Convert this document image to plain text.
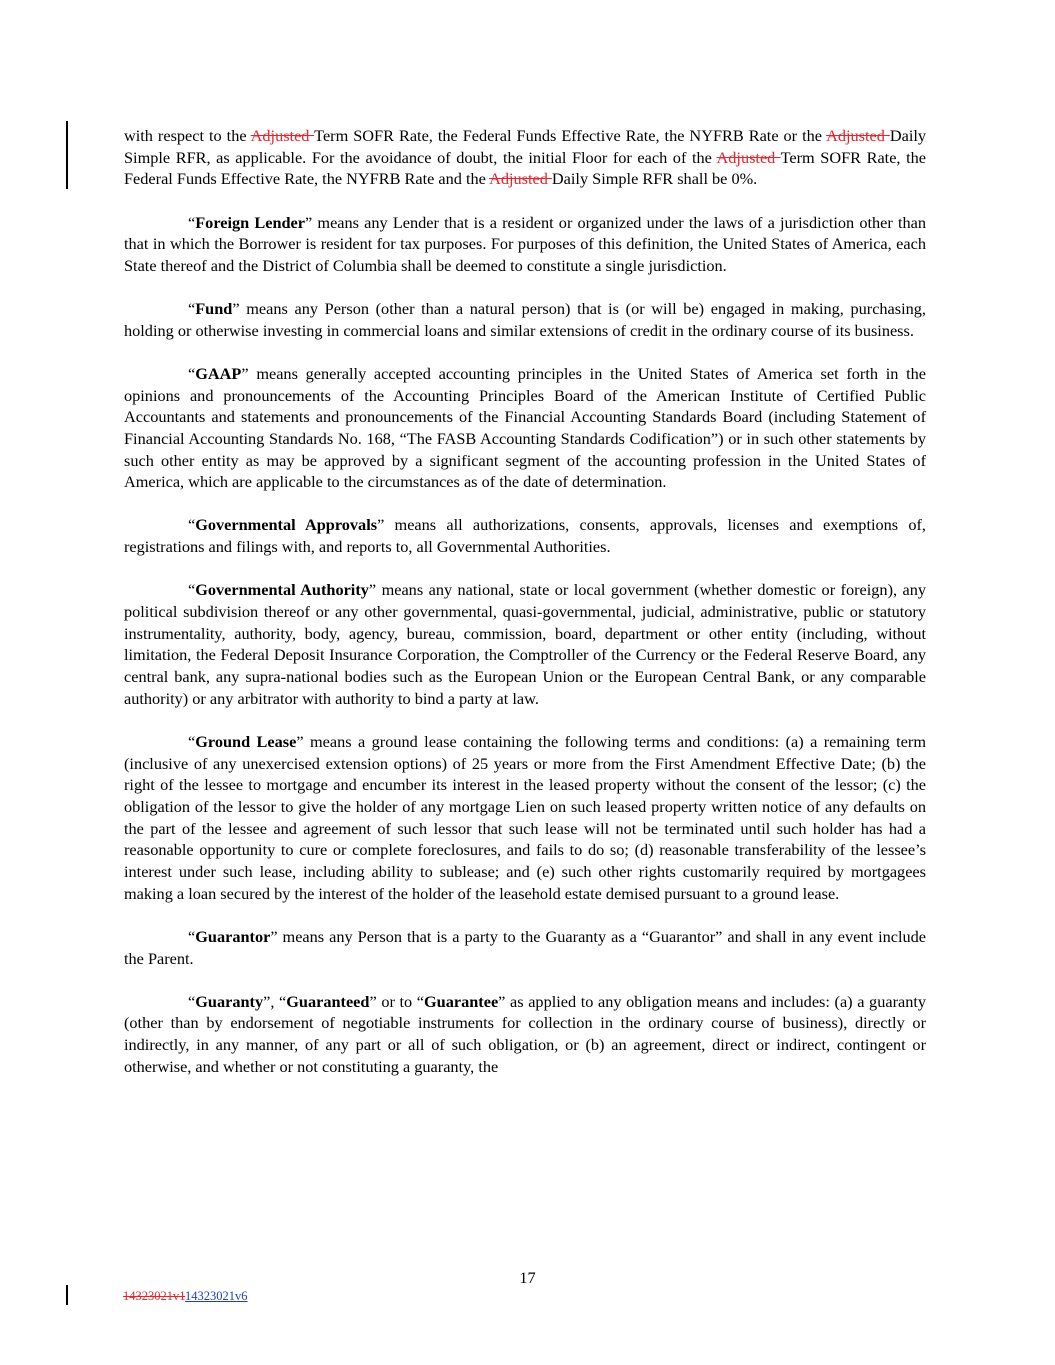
with respect to the Adjusted Term SOFR Rate, the Federal Funds Effective Rate, the NYFRB Rate or the Adjusted Daily Simple RFR, as applicable. For the avoidance of doubt, the initial Floor for each of the Adjusted Term SOFR Rate, the Federal Funds Effective Rate, the NYFRB Rate and the Adjusted Daily Simple RFR shall be 0%.

“Foreign Lender” means any Lender that is a resident or organized under the laws of a jurisdiction other than that in which the Borrower is resident for tax purposes. For purposes of this definition, the United States of America, each State thereof and the District of Columbia shall be deemed to constitute a single jurisdiction.

“Fund” means any Person (other than a natural person) that is (or will be) engaged in making, purchasing, holding or otherwise investing in commercial loans and similar extensions of credit in the ordinary course of its business.

“GAAP” means generally accepted accounting principles in the United States of America set forth in the opinions and pronouncements of the Accounting Principles Board of the American Institute of Certified Public Accountants and statements and pronouncements of the Financial Accounting Standards Board (including Statement of Financial Accounting Standards No. 168, “The FASB Accounting Standards Codification”) or in such other statements by such other entity as may be approved by a significant segment of the accounting profession in the United States of America, which are applicable to the circumstances as of the date of determination.

“Governmental Approvals” means all authorizations, consents, approvals, licenses and exemptions of, registrations and filings with, and reports to, all Governmental Authorities.

“Governmental Authority” means any national, state or local government (whether domestic or foreign), any political subdivision thereof or any other governmental, quasi-governmental, judicial, administrative, public or statutory instrumentality, authority, body, agency, bureau, commission, board, department or other entity (including, without limitation, the Federal Deposit Insurance Corporation, the Comptroller of the Currency or the Federal Reserve Board, any central bank, any supra-national bodies such as the European Union or the European Central Bank, or any comparable authority) or any arbitrator with authority to bind a party at law.

“Ground Lease” means a ground lease containing the following terms and conditions: (a) a remaining term (inclusive of any unexercised extension options) of 25 years or more from the First Amendment Effective Date; (b) the right of the lessee to mortgage and encumber its interest in the leased property without the consent of the lessor; (c) the obligation of the lessor to give the holder of any mortgage Lien on such leased property written notice of any defaults on the part of the lessee and agreement of such lessor that such lease will not be terminated until such holder has had a reasonable opportunity to cure or complete foreclosures, and fails to do so; (d) reasonable transferability of the lessee’s interest under such lease, including ability to sublease; and (e) such other rights customarily required by mortgagees making a loan secured by the interest of the holder of the leasehold estate demised pursuant to a ground lease.

“Guarantor” means any Person that is a party to the Guaranty as a “Guarantor” and shall in any event include the Parent.

“Guaranty”, “Guaranteed” or to “Guarantee” as applied to any obligation means and includes: (a) a guaranty (other than by endorsement of negotiable instruments for collection in the ordinary course of business), directly or indirectly, in any manner, of any part or all of such obligation, or (b) an agreement, direct or indirect, contingent or otherwise, and whether or not constituting a guaranty, the

17
14323021v114323021v6
